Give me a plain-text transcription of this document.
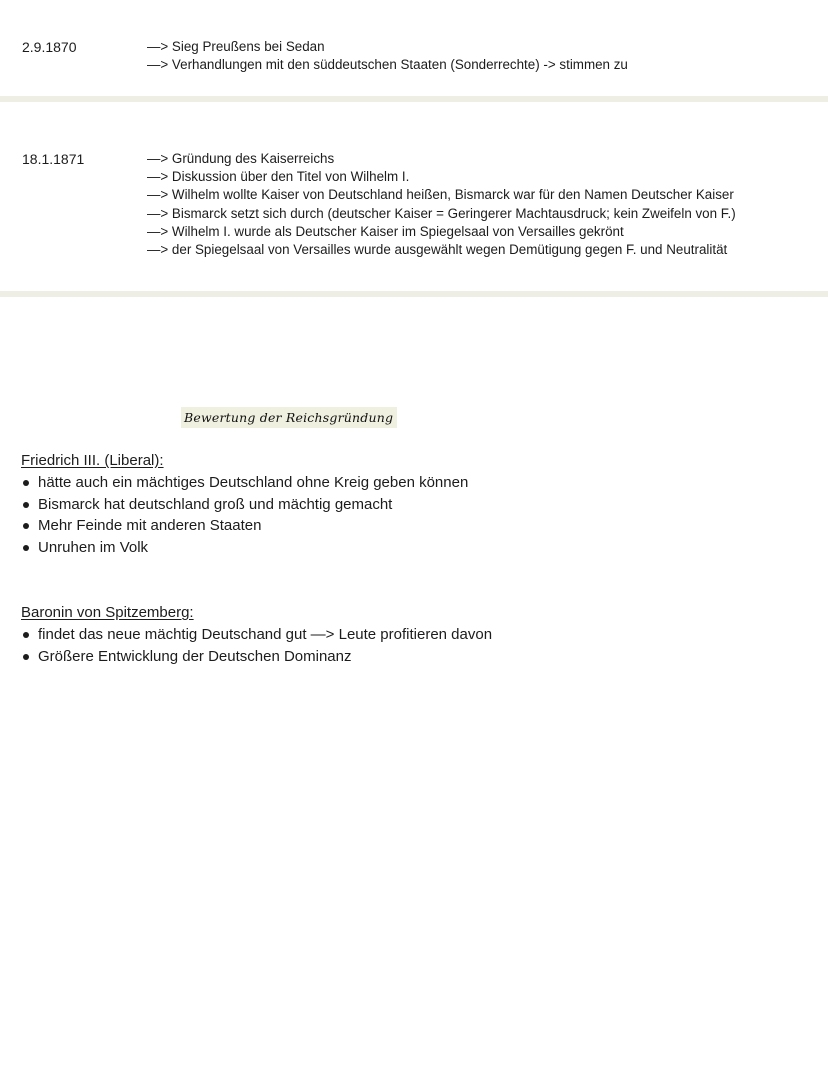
2.9.1870	—> Sieg Preußens bei Sedan
—> Verhandlungen mit den süddeutschen Staaten (Sonderrechte) -> stimmen zu
18.1.1871	—> Gründung des Kaiserreichs
—> Diskussion über den Titel von Wilhelm I.
—> Wilhelm wollte Kaiser von Deutschland heißen, Bismarck war für den Namen Deutscher Kaiser
—> Bismarck setzt sich durch (deutscher Kaiser = Geringerer Machtausdruck; kein Zweifeln von F.)
—> Wilhelm I. wurde als Deutscher Kaiser im Spiegelsaal von Versailles gekrönt
—> der Spiegelsaal von Versailles wurde ausgewählt wegen Demütigung gegen F. und Neutralität
Bewertung der Reichsgründung
Friedrich III. (Liberal):
hätte auch ein mächtiges Deutschland ohne Kreig geben können
Bismarck hat deutschland groß und mächtig gemacht
Mehr Feinde mit anderen Staaten
Unruhen im Volk
Baronin von Spitzemberg:
findet das neue mächtig Deutschand gut —> Leute profitieren davon
Größere Entwicklung der Deutschen Dominanz
